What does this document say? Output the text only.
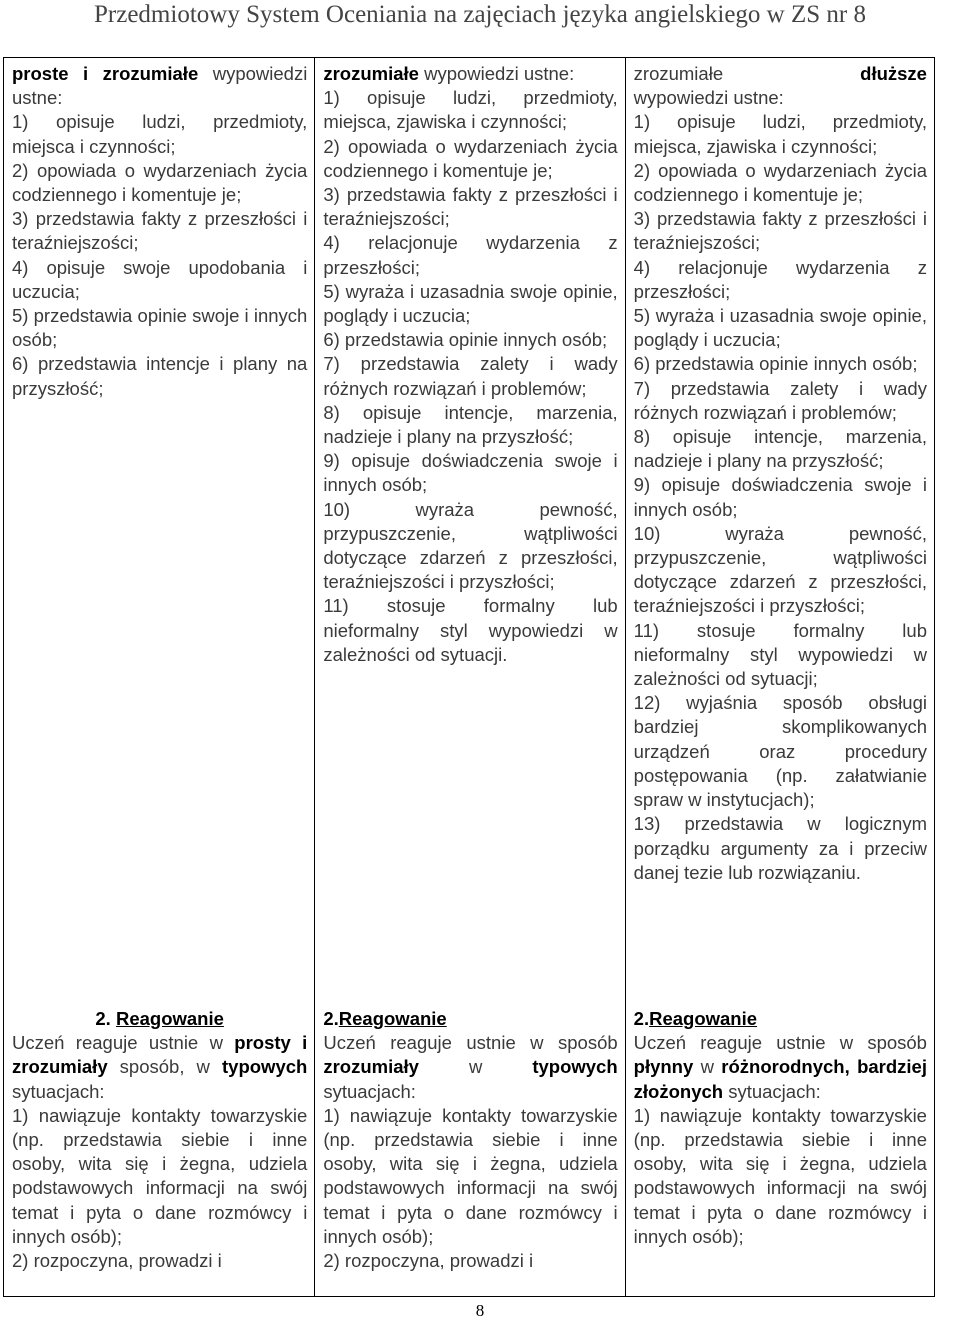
Przedmiotowy System Oceniania na zajęciach języka angielskiego w ZS nr 8

proste i zrozumiałe wypowiedzi ustne:

1) opisuje ludzi, przedmioty, miejsca i czynności;

2) opowiada o wydarzeniach życia codziennego i komentuje je;

3) przedstawia fakty z przeszłości i teraźniejszości;

4) opisuje swoje upodobania i uczucia;

5) przedstawia opinie swoje i innych osób;

6) przedstawia intencje i plany na przyszłość;

2. Reagowanie

Uczeń reaguje ustnie w prosty i zrozumiały sposób, w typowych sytuacjach:

1) nawiązuje kontakty towarzyskie (np. przedstawia siebie i inne osoby, wita się i żegna, udziela podstawowych informacji na swój temat i pyta o dane rozmówcy i innych osób);

2) rozpoczyna, prowadzi i

zrozumiałe wypowiedzi ustne:

1) opisuje ludzi, przedmioty, miejsca, zjawiska i czynności;

2) opowiada o wydarzeniach życia codziennego i komentuje je;

3) przedstawia fakty z przeszłości i teraźniejszości;

4) relacjonuje wydarzenia z przeszłości;

5) wyraża i uzasadnia swoje opinie, poglądy i uczucia;

6) przedstawia opinie innych osób;

7) przedstawia zalety i wady różnych rozwiązań i problemów;

8) opisuje intencje, marzenia, nadzieje i plany na przyszłość;

9) opisuje doświadczenia swoje i innych osób;

10) wyraża pewność, przypuszczenie, wątpliwości dotyczące zdarzeń z przeszłości, teraźniejszości i przyszłości;

11) stosuje formalny lub nieformalny styl wypowiedzi w zależności od sytuacji.

2.Reagowanie

Uczeń reaguje ustnie w sposób zrozumiały w typowych sytuacjach:

1) nawiązuje kontakty towarzyskie (np. przedstawia siebie i inne osoby, wita się i żegna, udziela podstawowych informacji na swój temat i pyta o dane rozmówcy i innych osób);

2) rozpoczyna, prowadzi i

zrozumiałe	dłuższe

wypowiedzi ustne:

1) opisuje ludzi, przedmioty, miejsca, zjawiska i czynności;

2) opowiada o wydarzeniach życia codziennego i komentuje je;

3) przedstawia fakty z przeszłości i teraźniejszości;

4) relacjonuje wydarzenia z przeszłości;

5) wyraża i uzasadnia swoje opinie, poglądy i uczucia;

6) przedstawia opinie innych osób;

7) przedstawia zalety i wady różnych rozwiązań i problemów;

8) opisuje intencje, marzenia, nadzieje i plany na przyszłość;

9) opisuje doświadczenia swoje i innych osób;

10) wyraża pewność, przypuszczenie, wątpliwości dotyczące zdarzeń z przeszłości, teraźniejszości i przyszłości;

11) stosuje formalny lub nieformalny styl wypowiedzi w zależności od sytuacji;

12) wyjaśnia sposób obsługi bardziej skomplikowanych urządzeń oraz procedury postępowania (np. załatwianie spraw w instytucjach);

13) przedstawia w logicznym porządku argumenty za i przeciw danej tezie lub rozwiązaniu.

2.Reagowanie

Uczeń reaguje ustnie w sposób płynny w różnorodnych, bardziej złożonych sytuacjach:

1) nawiązuje kontakty towarzyskie (np. przedstawia siebie i inne osoby, wita się i żegna, udziela podstawowych informacji na swój temat i pyta o dane rozmówcy i innych osób);

8
